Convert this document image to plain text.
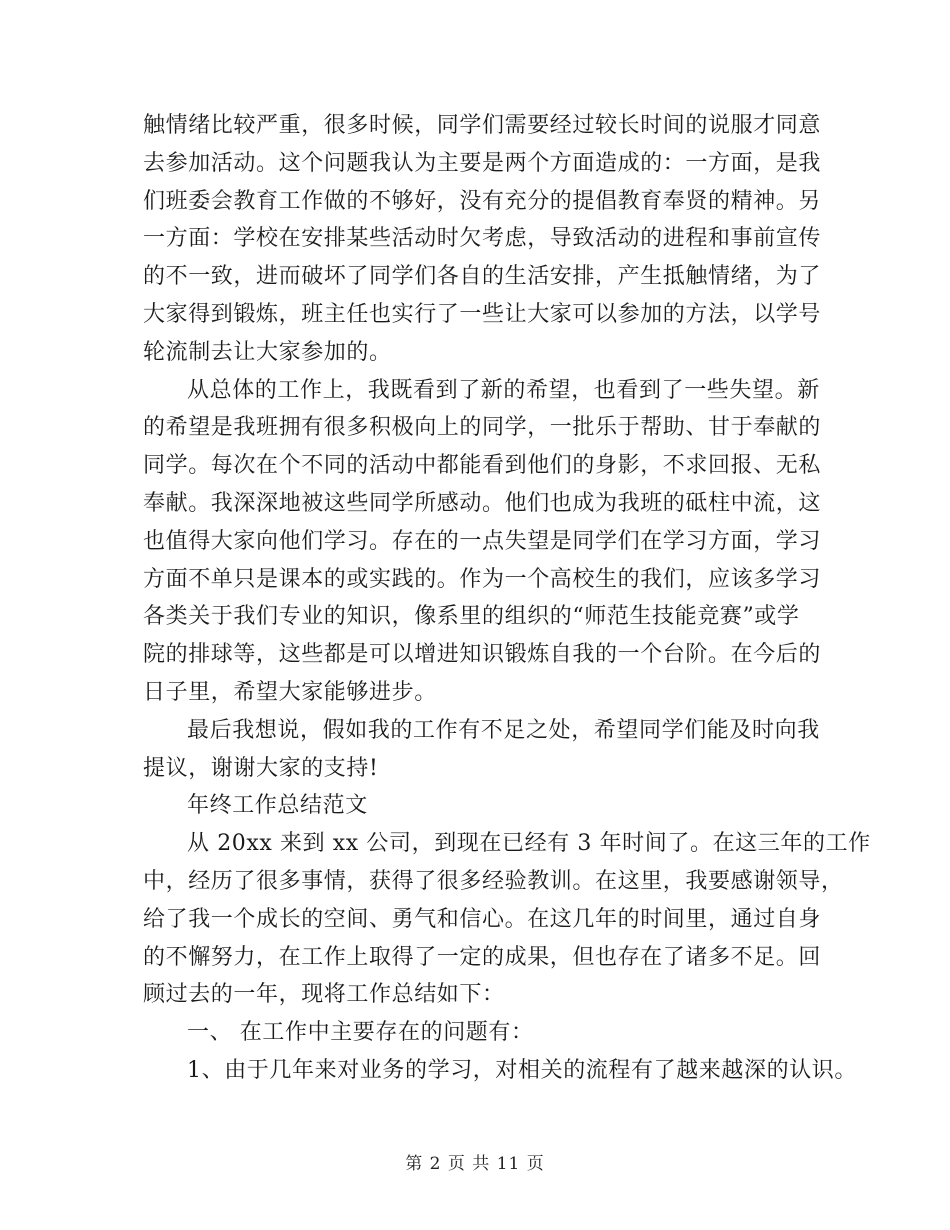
触情绪比较严重，很多时候，同学们需要经过较长时间的说服才同意
去参加活动。这个问题我认为主要是两个方面造成的：一方面，是我
们班委会教育工作做的不够好，没有充分的提倡教育奉贤的精神。另
一方面：学校在安排某些活动时欠考虑，导致活动的进程和事前宣传
的不一致，进而破坏了同学们各自的生活安排，产生抵触情绪，为了
大家得到锻炼，班主任也实行了一些让大家可以参加的方法，以学号
轮流制去让大家参加的。
从总体的工作上，我既看到了新的希望，也看到了一些失望。新
的希望是我班拥有很多积极向上的同学，一批乐于帮助、甘于奉献的
同学。每次在个不同的活动中都能看到他们的身影，不求回报、无私
奉献。我深深地被这些同学所感动。他们也成为我班的砥柱中流，这
也值得大家向他们学习。存在的一点失望是同学们在学习方面，学习
方面不单只是课本的或实践的。作为一个高校生的我们，应该多学习
各类关于我们专业的知识，像系里的组织的“师范生技能竞赛”或学
院的排球等，这些都是可以增进知识锻炼自我的一个台阶。在今后的
日子里，希望大家能够进步。
最后我想说，假如我的工作有不足之处，希望同学们能及时向我
提议，谢谢大家的支持!
年终工作总结范文
从 20xx 来到 xx 公司，到现在已经有 3 年时间了。在这三年的工作
中，经历了很多事情，获得了很多经验教训。在这里，我要感谢领导，
给了我一个成长的空间、勇气和信心。在这几年的时间里，通过自身
的不懈努力，在工作上取得了一定的成果，但也存在了诸多不足。回
顾过去的一年，现将工作总结如下：
一、 在工作中主要存在的问题有：
1、由于几年来对业务的学习，对相关的流程有了越来越深的认识。
第 2 页 共 11 页
